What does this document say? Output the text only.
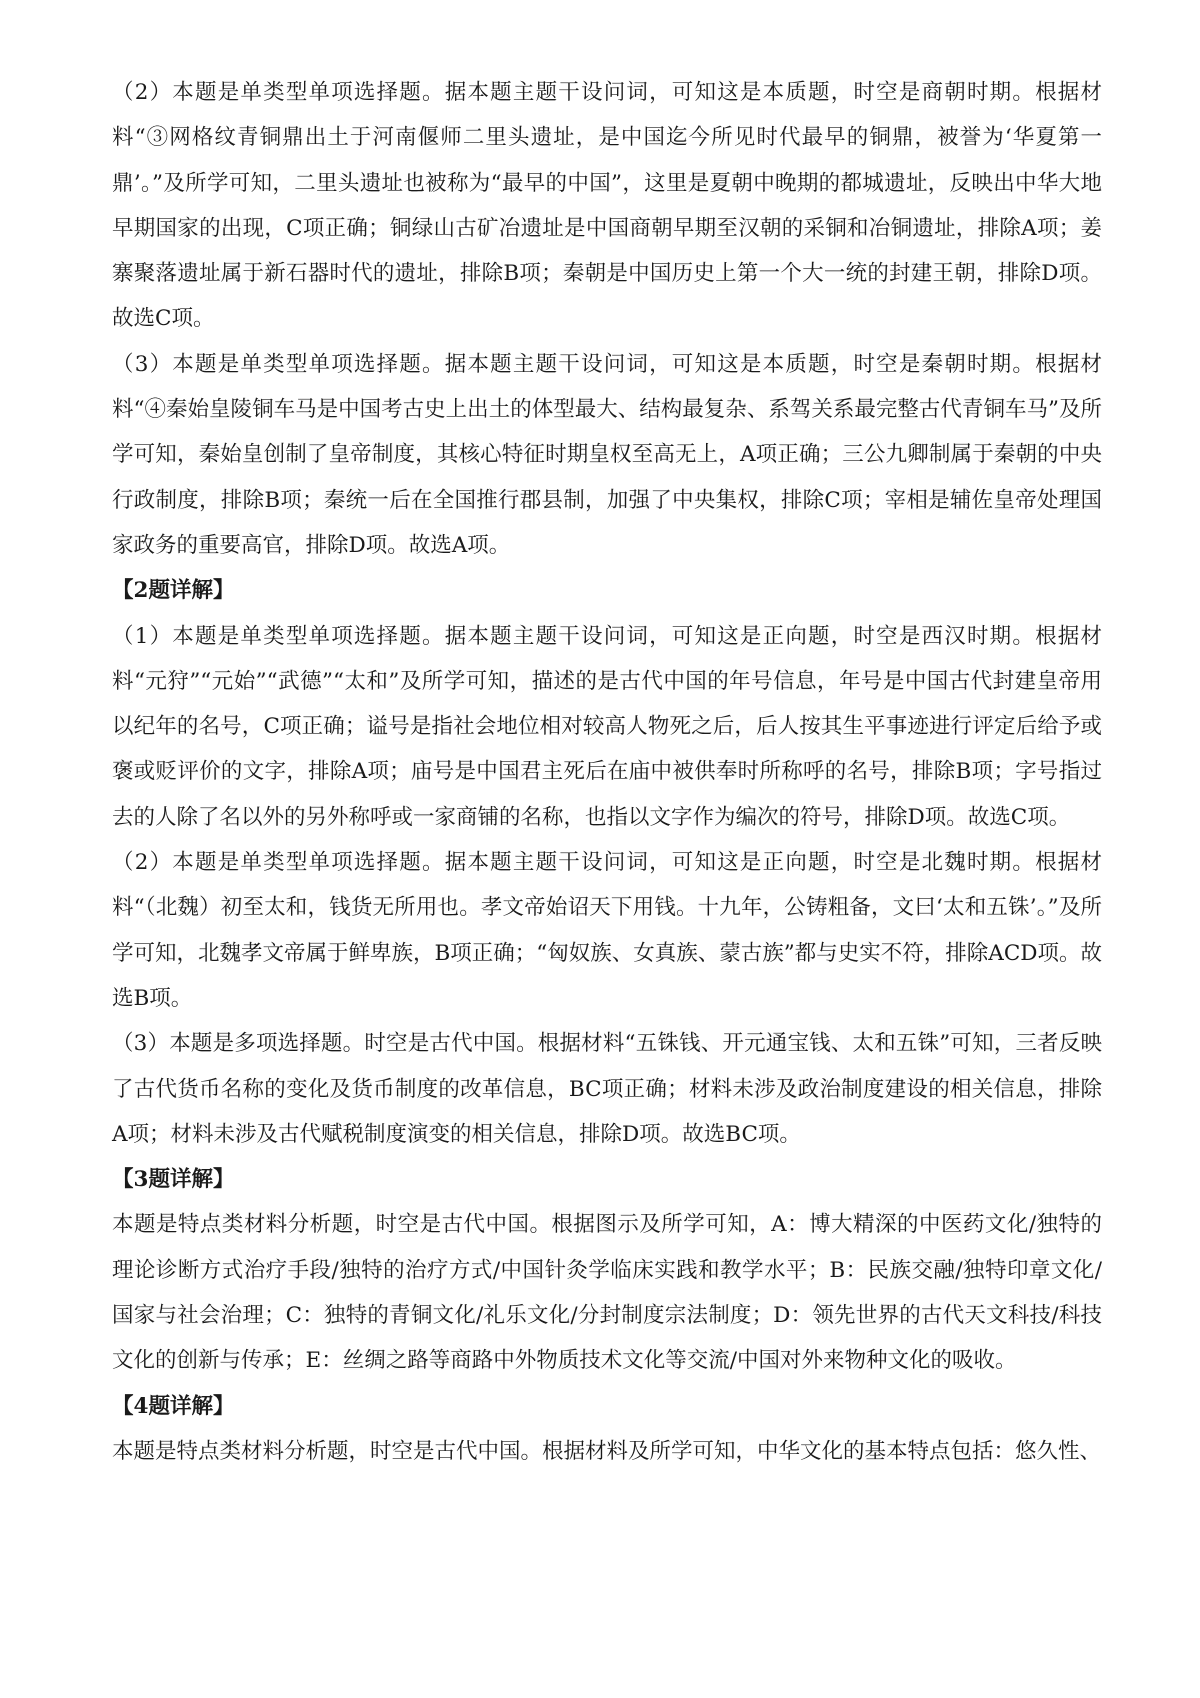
（2）本题是单类型单项选择题。据本题主题干设问词，可知这是本质题，时空是商朝时期。根据材料“③网格纹青铜鼎出土于河南偃师二里头遗址，是中国迄今所见时代最早的铜鼎，被誉为‘华夏第一鼎’。”及所学可知，二里头遗址也被称为“最早的中国”，这里是夏朝中晚期的都城遗址，反映出中华大地早期国家的出现，C项正确；铜绿山古矿冶遗址是中国商朝早期至汉朝的采铜和冶铜遗址，排除A项；姜寨聚落遗址属于新石器时代的遗址，排除B项；秦朝是中国历史上第一个大一统的封建王朝，排除D项。故选C项。

（3）本题是单类型单项选择题。据本题主题干设问词，可知这是本质题，时空是秦朝时期。根据材料“④秦始皇陵铜车马是中国考古史上出土的体型最大、结构最复杂、系驾关系最完整古代青铜车马”及所学可知，秦始皇创制了皇帝制度，其核心特征时期皇权至高无上，A项正确；三公九卿制属于秦朝的中央行政制度，排除B项；秦统一后在全国推行郡县制，加强了中央集权，排除C项；宰相是辅佐皇帝处理国家政务的重要高官，排除D项。故选A项。

【2题详解】

（1）本题是单类型单项选择题。据本题主题干设问词，可知这是正向题，时空是西汉时期。根据材料“元狩”“元始”“武德”“太和”及所学可知，描述的是古代中国的年号信息，年号是中国古代封建皇帝用以纪年的名号，C项正确；谥号是指社会地位相对较高人物死之后，后人按其生平事迹进行评定后给予或褒或贬评价的文字，排除A项；庙号是中国君主死后在庙中被供奉时所称呼的名号，排除B项；字号指过去的人除了名以外的另外称呼或一家商铺的名称，也指以文字作为编次的符号，排除D项。故选C项。

（2）本题是单类型单项选择题。据本题主题干设问词，可知这是正向题，时空是北魏时期。根据材料“（北魏）初至太和，钱货无所用也。孝文帝始诏天下用钱。十九年，公铸粗备，文曰‘太和五铢’。”及所学可知，北魏孝文帝属于鲜卑族，B项正确；“匈奴族、女真族、蒙古族”都与史实不符，排除ACD项。故选B项。

（3）本题是多项选择题。时空是古代中国。根据材料“五铢钱、开元通宝钱、太和五铢”可知，三者反映了古代货币名称的变化及货币制度的改革信息，BC项正确；材料未涉及政治制度建设的相关信息，排除A项；材料未涉及古代赋税制度演变的相关信息，排除D项。故选BC项。

【3题详解】

本题是特点类材料分析题，时空是古代中国。根据图示及所学可知，A：博大精深的中医药文化/独特的理论诊断方式治疗手段/独特的治疗方式/中国针灸学临床实践和教学水平；B：民族交融/独特印章文化/国家与社会治理；C：独特的青铜文化/礼乐文化/分封制度宗法制度；D：领先世界的古代天文科技/科技文化的创新与传承；E：丝绸之路等商路中外物质技术文化等交流/中国对外来物种文化的吸收。

【4题详解】

本题是特点类材料分析题，时空是古代中国。根据材料及所学可知，中华文化的基本特点包括：悠久性、
